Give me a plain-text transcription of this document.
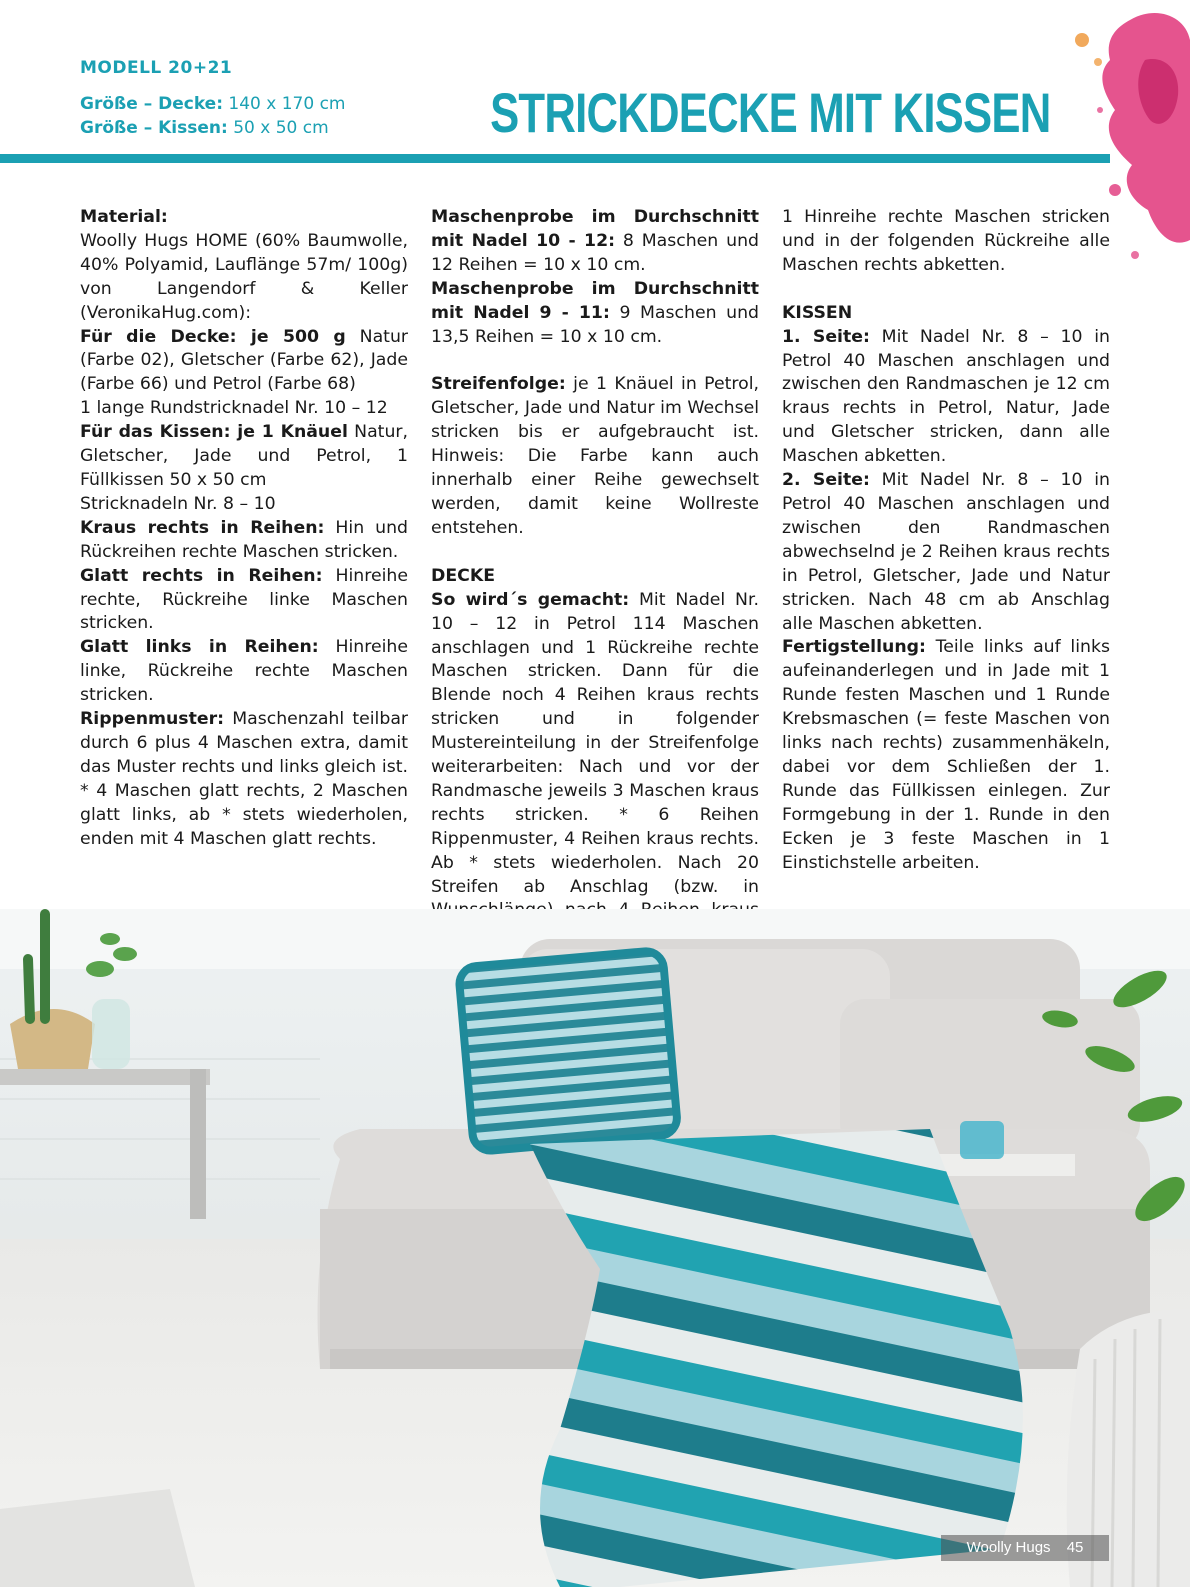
MODELL 20+21
Größe – Decke: 140 x 170 cm
Größe – Kissen: 50 x 50 cm	STRICKDECKE MIT KISSEN

Material:

Woolly Hugs HOME (60% Baumwolle, 40% Polyamid, Lauflänge 57m/ 100g) von Langendorf & Keller (VeronikaHug.com):

Für die Decke: je 500 g Natur (Farbe 02), Gletscher (Farbe 62), Jade (Farbe 66) und Petrol (Farbe 68)

1 lange Rundstricknadel Nr. 10 – 12

Für das Kissen: je 1 Knäuel Natur, Gletscher, Jade und Petrol, 1 Füllkissen 50 x 50 cm

Stricknadeln Nr. 8 – 10

Kraus rechts in Reihen: Hin und Rückreihen rechte Maschen stricken.

Glatt rechts in Reihen: Hinreihe rechte, Rückreihe linke Maschen stricken.

Glatt links in Reihen: Hinreihe linke, Rückreihe rechte Maschen stricken.

Rippenmuster: Maschenzahl teilbar durch 6 plus 4 Maschen extra, damit das Muster rechts und links gleich ist. * 4 Maschen glatt rechts, 2 Maschen glatt links, ab * stets wiederholen, enden mit 4 Maschen glatt rechts.

Maschenprobe im Durchschnitt mit Nadel 10 - 12: 8 Maschen und 12 Reihen = 10 x 10 cm.

Maschenprobe im Durchschnitt mit Nadel 9 - 11: 9 Maschen und 13,5 Reihen = 10 x 10 cm.

Streifenfolge: je 1 Knäuel in Petrol, Gletscher, Jade und Natur im Wechsel stricken bis er aufgebraucht ist. Hinweis: Die Farbe kann auch innerhalb einer Reihe gewechselt werden, damit keine Wollreste entstehen.

DECKE

So wird´s gemacht: Mit Nadel Nr. 10 – 12 in Petrol 114 Maschen anschlagen und 1 Rückreihe rechte Maschen stricken. Dann für die Blende noch 4 Reihen kraus rechts stricken und in folgender Mustereinteilung in der Streifenfolge weiterarbeiten: Nach und vor der Randmasche jeweils 3 Maschen kraus rechts stricken. * 6 Reihen Rippenmuster, 4 Reihen kraus rechts. Ab * stets wiederholen. Nach 20 Streifen ab Anschlag (bzw. in

1 Hinreihe rechte Maschen stricken und in der folgenden Rückreihe alle Maschen rechts abketten.

KISSEN

1. Seite: Mit Nadel Nr. 8 – 10 in Petrol 40 Maschen anschlagen und zwischen den Randmaschen je 12 cm kraus rechts in Petrol, Natur, Jade und Gletscher stricken, dann alle Maschen abketten.

2. Seite: Mit Nadel Nr. 8 – 10 in Petrol 40 Maschen anschlagen und zwischen den Randmaschen abwechselnd je 2 Reihen kraus rechts in Petrol, Gletscher, Jade und Natur stricken. Nach 48 cm ab Anschlag alle Maschen abketten.

Fertigstellung: Teile links auf links aufeinanderlegen und in Jade mit 1 Runde festen Maschen und 1 Runde Krebsmaschen (= feste Maschen von links nach rechts) zusammenhäkeln, dabei vor dem Schließen der 1. Runde das Füllkissen einlegen. Zur Formgebung in der 1. Runde in den Ecken je 3 feste Maschen in 1 Einstichstelle arbeiten.

Woolly Hugs 45
